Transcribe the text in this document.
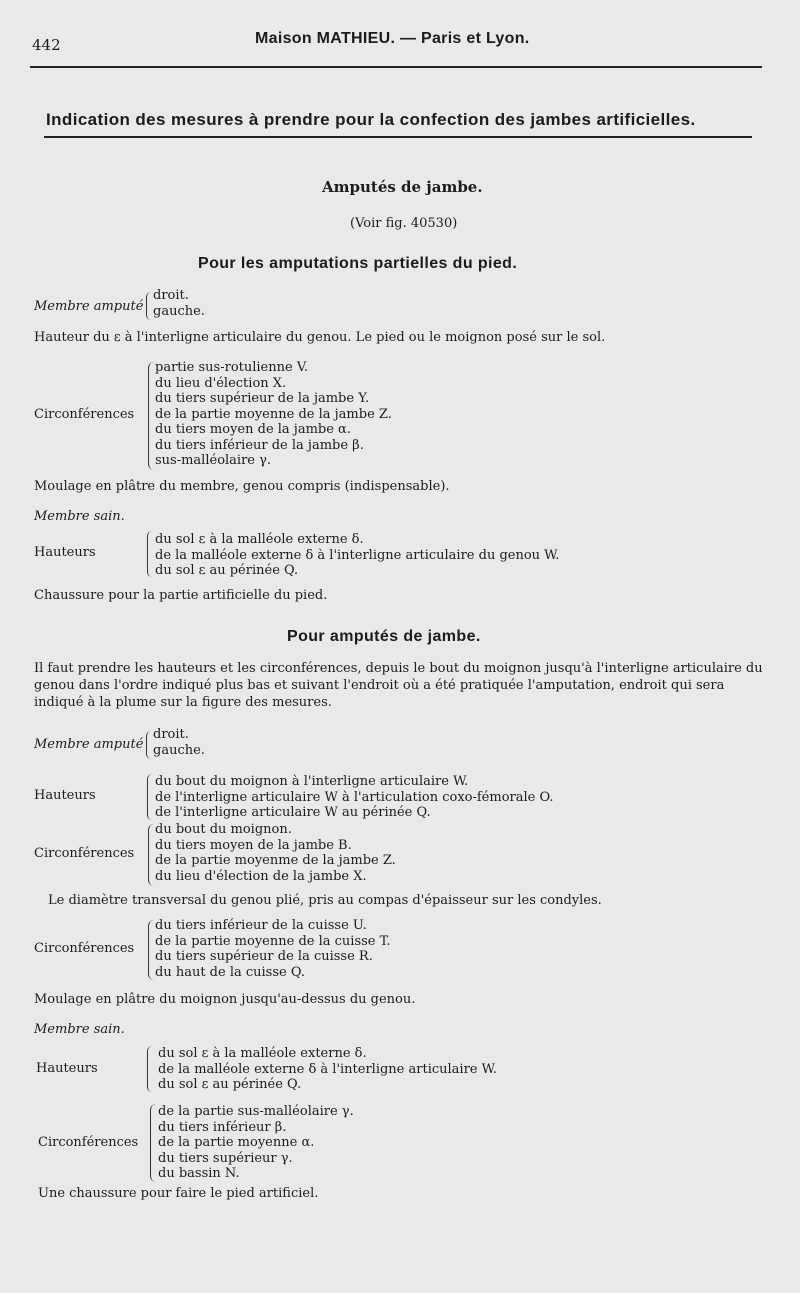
442	Maison MATHIEU. — Paris et Lyon.
Indication des mesures à prendre pour la confection des jambes artificielles.
Amputés de jambe.
(Voir fig. 40530)
Pour les amputations partielles du pied.
Membre amputé
droit.
gauche.
Hauteur du ε à l'interligne articulaire du genou. Le pied ou le moignon posé sur le sol.
Circonférences
partie sus-rotulienne V.
du lieu d'élection X.
du tiers supérieur de la jambe Y.
de la partie moyenne de la jambe Z.
du tiers moyen de la jambe α.
du tiers inférieur de la jambe β.
sus-malléolaire γ.
Moulage en plâtre du membre, genou compris (indispensable).
Membre sain.
Hauteurs
du sol ε à la malléole externe δ.
de la malléole externe δ à l'interligne articulaire du genou W.
du sol ε au périnée Q.
Chaussure pour la partie artificielle du pied.
Pour amputés de jambe.
Il faut prendre les hauteurs et les circonférences, depuis le bout du moignon jusqu'à l'interligne articulaire du genou dans l'ordre indiqué plus bas et suivant l'endroit où a été pratiquée l'amputation, endroit qui sera indiqué à la plume sur la figure des mesures.
Membre amputé
droit.
gauche.
Hauteurs
du bout du moignon à l'interligne articulaire W.
de l'interligne articulaire W à l'articulation coxo-fémorale O.
de l'interligne articulaire W au périnée Q.
Circonférences
du bout du moignon.
du tiers moyen de la jambe B.
de la partie moyenme de la jambe Z.
du lieu d'élection de la jambe X.
Le diamètre transversal du genou plié, pris au compas d'épaisseur sur les condyles.
Circonférences
du tiers inférieur de la cuisse U.
de la partie moyenne de la cuisse T.
du tiers supérieur de la cuisse R.
du haut de la cuisse Q.
Moulage en plâtre du moignon jusqu'au-dessus du genou.
Membre sain.
Hauteurs
du sol ε à la malléole externe δ.
de la malléole externe δ à l'interligne articulaire W.
du sol ε au périnée Q.
Circonférences
de la partie sus-malléolaire γ.
du tiers inférieur β.
de la partie moyenne α.
du tiers supérieur γ.
du bassin N.
Une chaussure pour faire le pied artificiel.
